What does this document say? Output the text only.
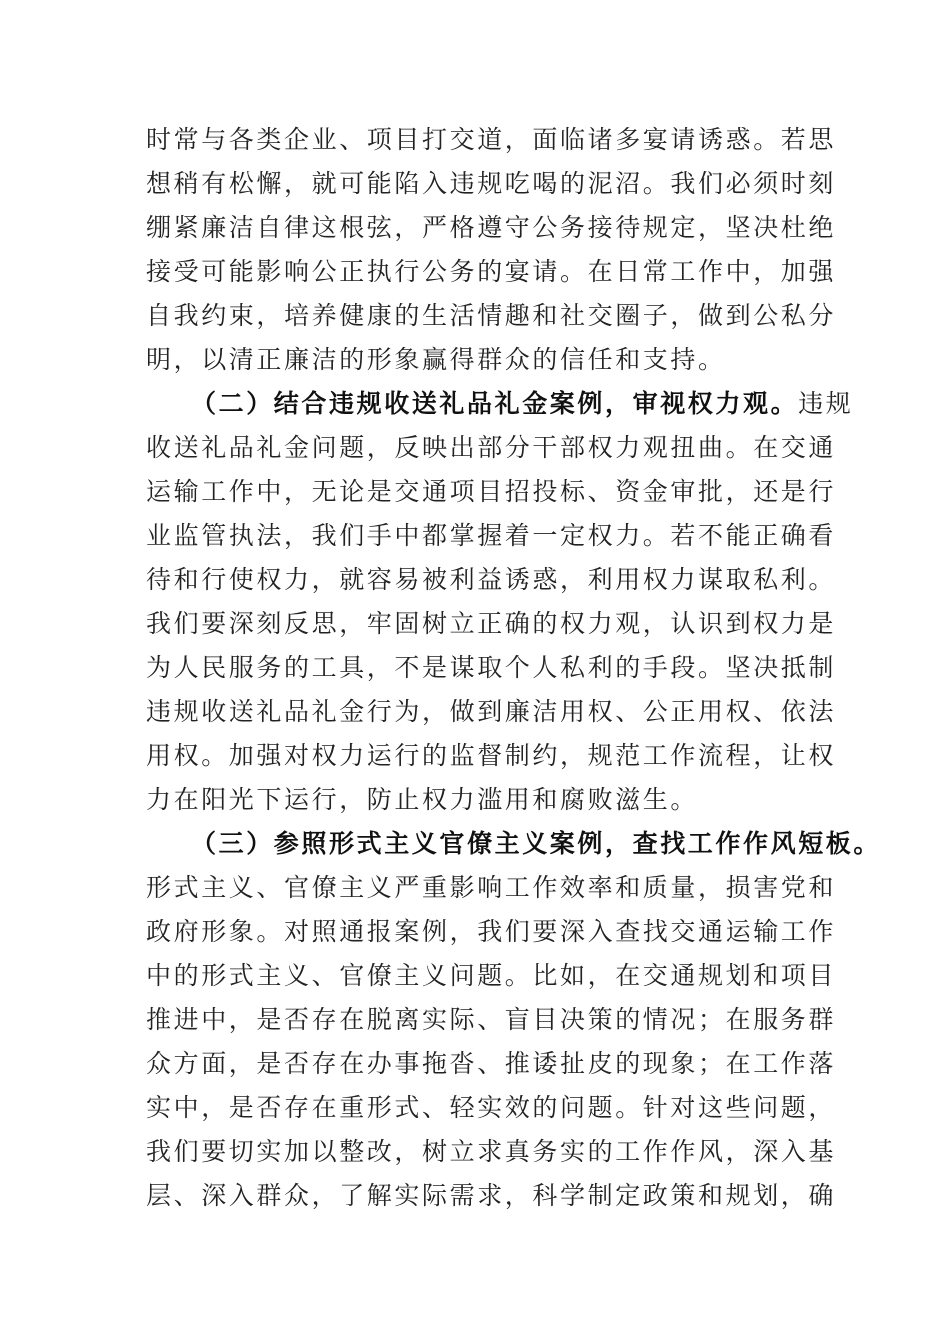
时常与各类企业、项目打交道，面临诸多宴请诱惑。若思
想稍有松懈，就可能陷入违规吃喝的泥沼。我们必须时刻
绷紧廉洁自律这根弦，严格遵守公务接待规定，坚决杜绝
接受可能影响公正执行公务的宴请。在日常工作中，加强
自我约束，培养健康的生活情趣和社交圈子，做到公私分
明，以清正廉洁的形象赢得群众的信任和支持。
（二）结合违规收送礼品礼金案例，审视权力观。违规
收送礼品礼金问题，反映出部分干部权力观扭曲。在交通
运输工作中，无论是交通项目招投标、资金审批，还是行
业监管执法，我们手中都掌握着一定权力。若不能正确看
待和行使权力，就容易被利益诱惑，利用权力谋取私利。
我们要深刻反思，牢固树立正确的权力观，认识到权力是
为人民服务的工具，不是谋取个人私利的手段。坚决抵制
违规收送礼品礼金行为，做到廉洁用权、公正用权、依法
用权。加强对权力运行的监督制约，规范工作流程，让权
力在阳光下运行，防止权力滥用和腐败滋生。
（三）参照形式主义官僚主义案例，查找工作作风短板。
形式主义、官僚主义严重影响工作效率和质量，损害党和
政府形象。对照通报案例，我们要深入查找交通运输工作
中的形式主义、官僚主义问题。比如，在交通规划和项目
推进中，是否存在脱离实际、盲目决策的情况；在服务群
众方面，是否存在办事拖沓、推诿扯皮的现象；在工作落
实中，是否存在重形式、轻实效的问题。针对这些问题，
我们要切实加以整改，树立求真务实的工作作风，深入基
层、深入群众，了解实际需求，科学制定政策和规划，确
